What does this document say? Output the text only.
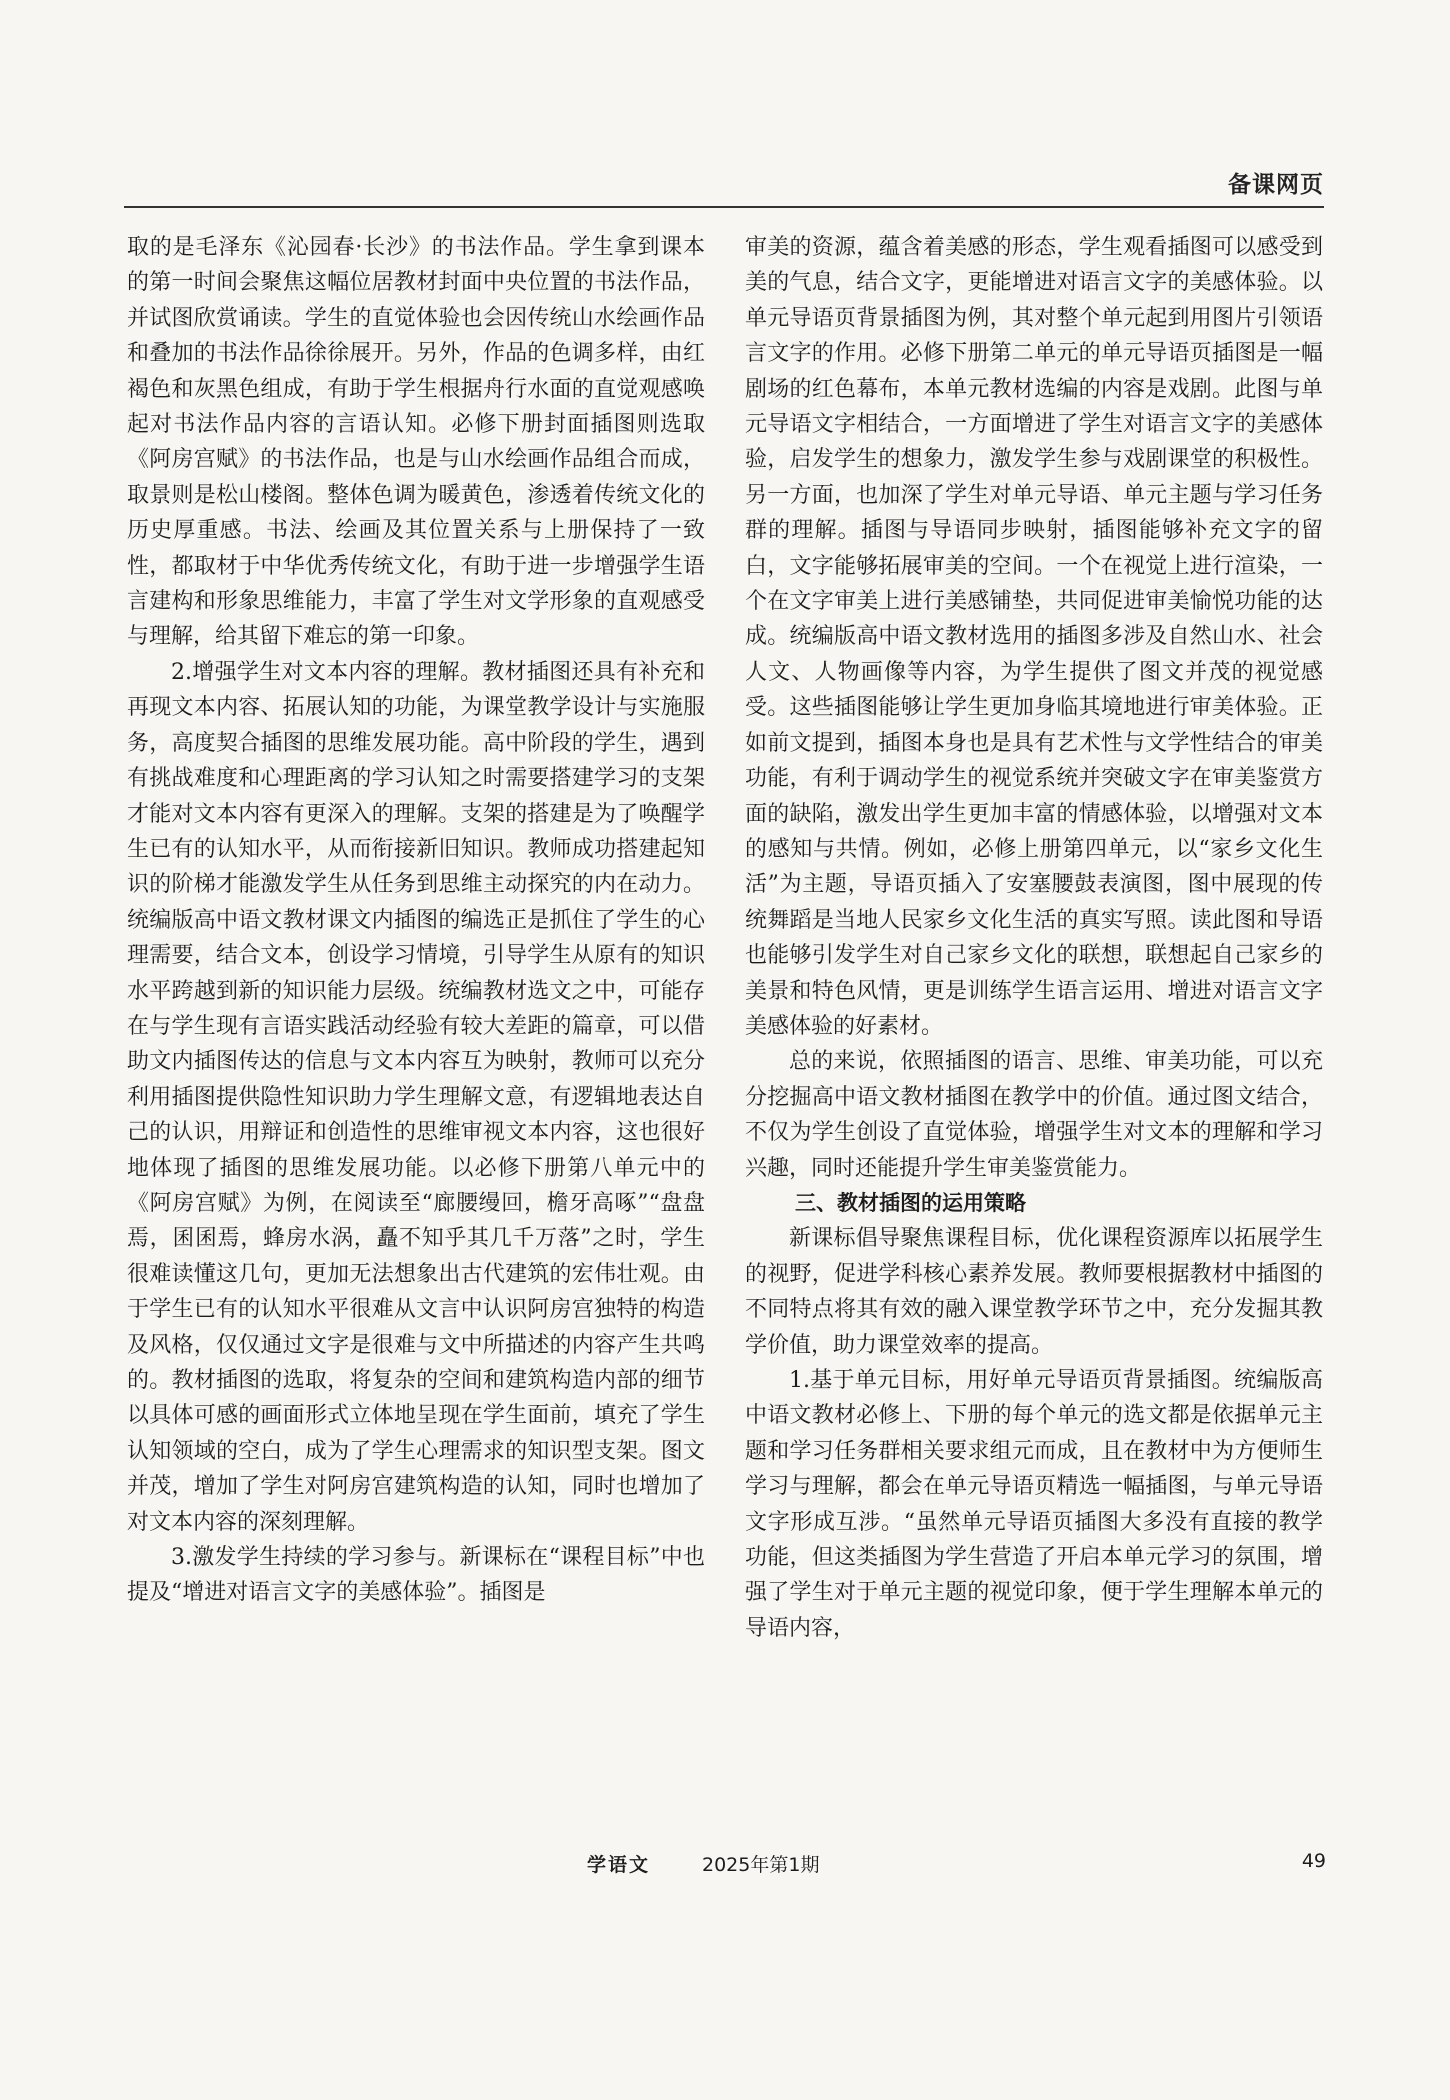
备课网页

取的是毛泽东《沁园春·长沙》的书法作品。学生拿到课本的第一时间会聚焦这幅位居教材封面中央位置的书法作品，并试图欣赏诵读。学生的直觉体验也会因传统山水绘画作品和叠加的书法作品徐徐展开。另外，作品的色调多样，由红褐色和灰黑色组成，有助于学生根据舟行水面的直觉观感唤起对书法作品内容的言语认知。必修下册封面插图则选取《阿房宫赋》的书法作品，也是与山水绘画作品组合而成，取景则是松山楼阁。整体色调为暖黄色，渗透着传统文化的历史厚重感。书法、绘画及其位置关系与上册保持了一致性，都取材于中华优秀传统文化，有助于进一步增强学生语言建构和形象思维能力，丰富了学生对文学形象的直观感受与理解，给其留下难忘的第一印象。

2.增强学生对文本内容的理解。教材插图还具有补充和再现文本内容、拓展认知的功能，为课堂教学设计与实施服务，高度契合插图的思维发展功能。高中阶段的学生，遇到有挑战难度和心理距离的学习认知之时需要搭建学习的支架才能对文本内容有更深入的理解。支架的搭建是为了唤醒学生已有的认知水平，从而衔接新旧知识。教师成功搭建起知识的阶梯才能激发学生从任务到思维主动探究的内在动力。统编版高中语文教材课文内插图的编选正是抓住了学生的心理需要，结合文本，创设学习情境，引导学生从原有的知识水平跨越到新的知识能力层级。统编教材选文之中，可能存在与学生现有言语实践活动经验有较大差距的篇章，可以借助文内插图传达的信息与文本内容互为映射，教师可以充分利用插图提供隐性知识助力学生理解文意，有逻辑地表达自己的认识，用辩证和创造性的思维审视文本内容，这也很好地体现了插图的思维发展功能。以必修下册第八单元中的《阿房宫赋》为例，在阅读至“廊腰缦回，檐牙高啄”“盘盘焉，囷囷焉，蜂房水涡，矗不知乎其几千万落”之时，学生很难读懂这几句，更加无法想象出古代建筑的宏伟壮观。由于学生已有的认知水平很难从文言中认识阿房宫独特的构造及风格，仅仅通过文字是很难与文中所描述的内容产生共鸣的。教材插图的选取，将复杂的空间和建筑构造内部的细节以具体可感的画面形式立体地呈现在学生面前，填充了学生认知领域的空白，成为了学生心理需求的知识型支架。图文并茂，增加了学生对阿房宫建筑构造的认知，同时也增加了对文本内容的深刻理解。

3.激发学生持续的学习参与。新课标在“课程目标”中也提及“增进对语言文字的美感体验”。插图是

审美的资源，蕴含着美感的形态，学生观看插图可以感受到美的气息，结合文字，更能增进对语言文字的美感体验。以单元导语页背景插图为例，其对整个单元起到用图片引领语言文字的作用。必修下册第二单元的单元导语页插图是一幅剧场的红色幕布，本单元教材选编的内容是戏剧。此图与单元导语文字相结合，一方面增进了学生对语言文字的美感体验，启发学生的想象力，激发学生参与戏剧课堂的积极性。另一方面，也加深了学生对单元导语、单元主题与学习任务群的理解。插图与导语同步映射，插图能够补充文字的留白，文字能够拓展审美的空间。一个在视觉上进行渲染，一个在文字审美上进行美感铺垫，共同促进审美愉悦功能的达成。统编版高中语文教材选用的插图多涉及自然山水、社会人文、人物画像等内容，为学生提供了图文并茂的视觉感受。这些插图能够让学生更加身临其境地进行审美体验。正如前文提到，插图本身也是具有艺术性与文学性结合的审美功能，有利于调动学生的视觉系统并突破文字在审美鉴赏方面的缺陷，激发出学生更加丰富的情感体验，以增强对文本的感知与共情。例如，必修上册第四单元，以“家乡文化生活”为主题，导语页插入了安塞腰鼓表演图，图中展现的传统舞蹈是当地人民家乡文化生活的真实写照。读此图和导语也能够引发学生对自己家乡文化的联想，联想起自己家乡的美景和特色风情，更是训练学生语言运用、增进对语言文字美感体验的好素材。

总的来说，依照插图的语言、思维、审美功能，可以充分挖掘高中语文教材插图在教学中的价值。通过图文结合，不仅为学生创设了直觉体验，增强学生对文本的理解和学习兴趣，同时还能提升学生审美鉴赏能力。

三、教材插图的运用策略

新课标倡导聚焦课程目标，优化课程资源库以拓展学生的视野，促进学科核心素养发展。教师要根据教材中插图的不同特点将其有效的融入课堂教学环节之中，充分发掘其教学价值，助力课堂效率的提高。

1.基于单元目标，用好单元导语页背景插图。统编版高中语文教材必修上、下册的每个单元的选文都是依据单元主题和学习任务群相关要求组元而成，且在教材中为方便师生学习与理解，都会在单元导语页精选一幅插图，与单元导语文字形成互涉。“虽然单元导语页插图大多没有直接的教学功能，但这类插图为学生营造了开启本单元学习的氛围，增强了学生对于单元主题的视觉印象，便于学生理解本单元的导语内容，

学语文	2025年第1期	49
